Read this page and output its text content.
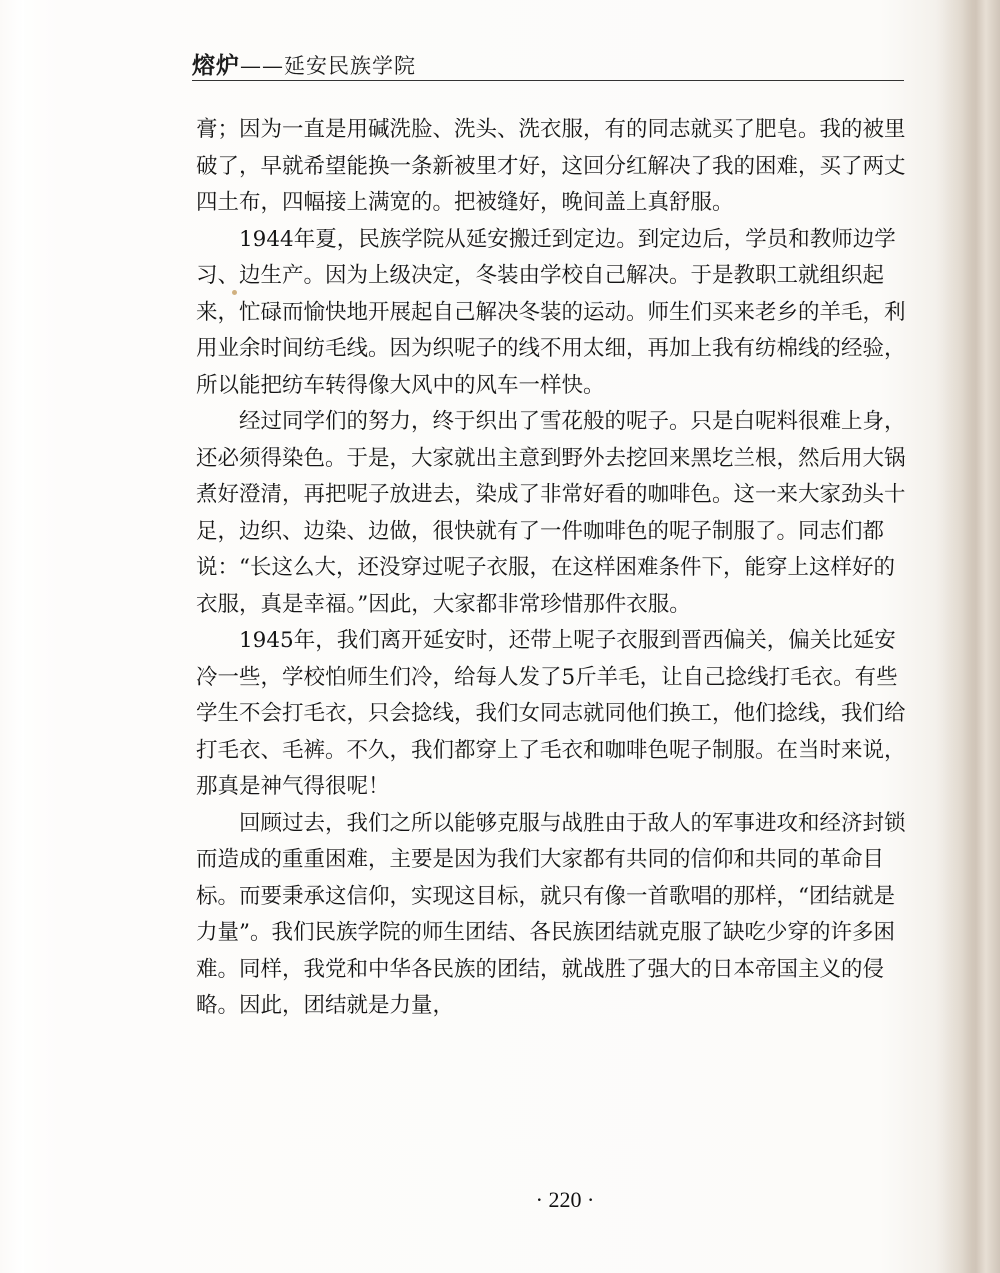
熔炉——延安民族学院

膏；因为一直是用碱洗脸、洗头、洗衣服，有的同志就买了肥皂。我的被里破了，早就希望能换一条新被里才好，这回分红解决了我的困难，买了两丈四土布，四幅接上满宽的。把被缝好，晚间盖上真舒服。

1944年夏，民族学院从延安搬迁到定边。到定边后，学员和教师边学习、边生产。因为上级决定，冬装由学校自己解决。于是教职工就组织起来，忙碌而愉快地开展起自己解决冬装的运动。师生们买来老乡的羊毛，利用业余时间纺毛线。因为织呢子的线不用太细，再加上我有纺棉线的经验，所以能把纺车转得像大风中的风车一样快。

经过同学们的努力，终于织出了雪花般的呢子。只是白呢料很难上身，还必须得染色。于是，大家就出主意到野外去挖回来黑圪兰根，然后用大锅煮好澄清，再把呢子放进去，染成了非常好看的咖啡色。这一来大家劲头十足，边织、边染、边做，很快就有了一件咖啡色的呢子制服了。同志们都说：“长这么大，还没穿过呢子衣服，在这样困难条件下，能穿上这样好的衣服，真是幸福。”因此，大家都非常珍惜那件衣服。

1945年，我们离开延安时，还带上呢子衣服到晋西偏关，偏关比延安冷一些，学校怕师生们冷，给每人发了5斤羊毛，让自己捻线打毛衣。有些学生不会打毛衣，只会捻线，我们女同志就同他们换工，他们捻线，我们给打毛衣、毛裤。不久，我们都穿上了毛衣和咖啡色呢子制服。在当时来说，那真是神气得很呢！

回顾过去，我们之所以能够克服与战胜由于敌人的军事进攻和经济封锁而造成的重重困难，主要是因为我们大家都有共同的信仰和共同的革命目标。而要秉承这信仰，实现这目标，就只有像一首歌唱的那样，“团结就是力量”。我们民族学院的师生团结、各民族团结就克服了缺吃少穿的许多困难。同样，我党和中华各民族的团结，就战胜了强大的日本帝国主义的侵略。因此，团结就是力量，

· 220 ·
